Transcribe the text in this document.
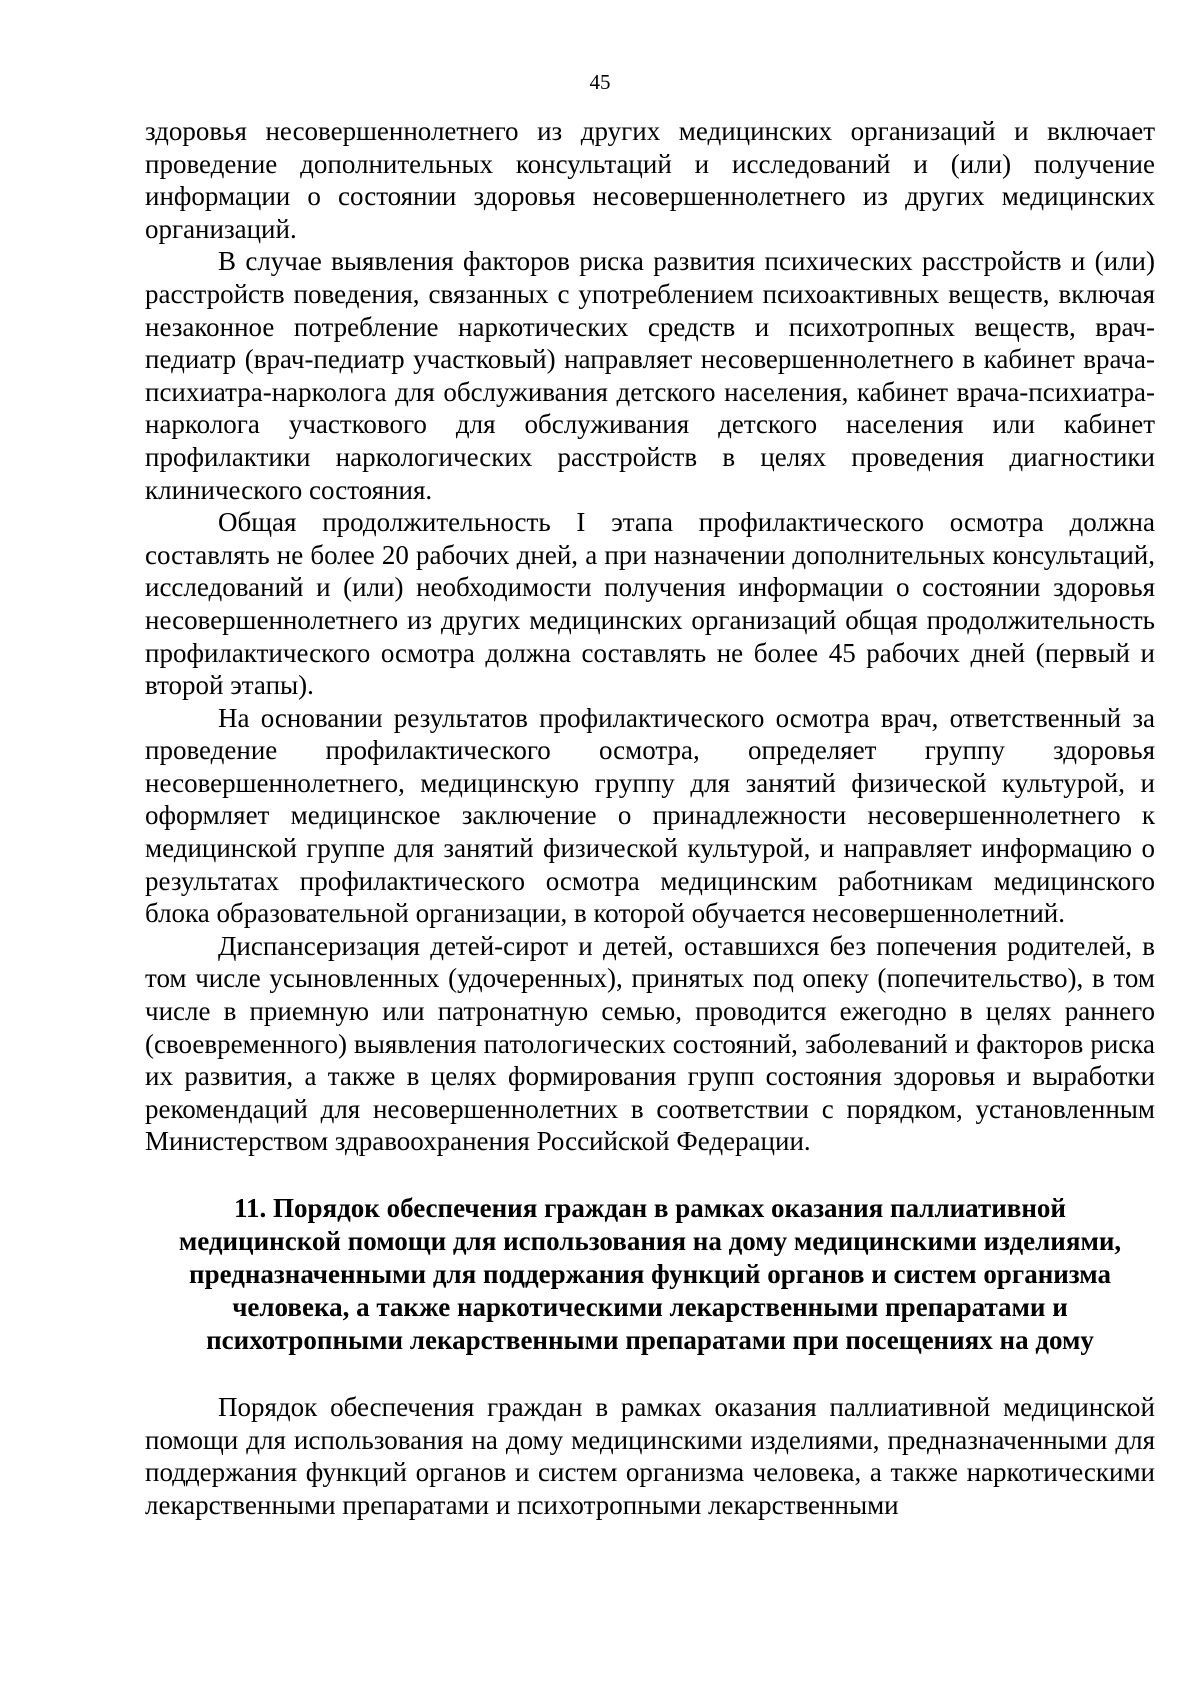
45

здоровья несовершеннолетнего из других медицинских организаций и включает проведение дополнительных консультаций и исследований и (или) получение информации о состоянии здоровья несовершеннолетнего из других медицинских организаций.

В случае выявления факторов риска развития психических расстройств и (или) расстройств поведения, связанных с употреблением психоактивных веществ, включая незаконное потребление наркотических средств и психотропных веществ, врач-педиатр (врач-педиатр участковый) направляет несовершеннолетнего в кабинет врача-психиатра-нарколога для обслуживания детского населения, кабинет врача-психиатра-нарколога участкового для обслуживания детского населения или кабинет профилактики наркологических расстройств в целях проведения диагностики клинического состояния.

Общая продолжительность I этапа профилактического осмотра должна составлять не более 20 рабочих дней, а при назначении дополнительных консультаций, исследований и (или) необходимости получения информации о состоянии здоровья несовершеннолетнего из других медицинских организаций общая продолжительность профилактического осмотра должна составлять не более 45 рабочих дней (первый и второй этапы).

На основании результатов профилактического осмотра врач, ответственный за проведение профилактического осмотра, определяет группу здоровья несовершеннолетнего, медицинскую группу для занятий физической культурой, и оформляет медицинское заключение о принадлежности несовершеннолетнего к медицинской группе для занятий физической культурой, и направляет информацию о результатах профилактического осмотра медицинским работникам медицинского блока образовательной организации, в которой обучается несовершеннолетний.

Диспансеризация детей-сирот и детей, оставшихся без попечения родителей, в том числе усыновленных (удочеренных), принятых под опеку (попечительство), в том числе в приемную или патронатную семью, проводится ежегодно в целях раннего (своевременного) выявления патологических состояний, заболеваний и факторов риска их развития, а также в целях формирования групп состояния здоровья и выработки рекомендаций для несовершеннолетних в соответствии с порядком, установленным Министерством здравоохранения Российской Федерации.

11. Порядок обеспечения граждан в рамках оказания паллиативной медицинской помощи для использования на дому медицинскими изделиями, предназначенными для поддержания функций органов и систем организма человека, а также наркотическими лекарственными препаратами и психотропными лекарственными препаратами при посещениях на дому

Порядок обеспечения граждан в рамках оказания паллиативной медицинской помощи для использования на дому медицинскими изделиями, предназначенными для поддержания функций органов и систем организма человека, а также наркотическими лекарственными препаратами и психотропными лекарственными
